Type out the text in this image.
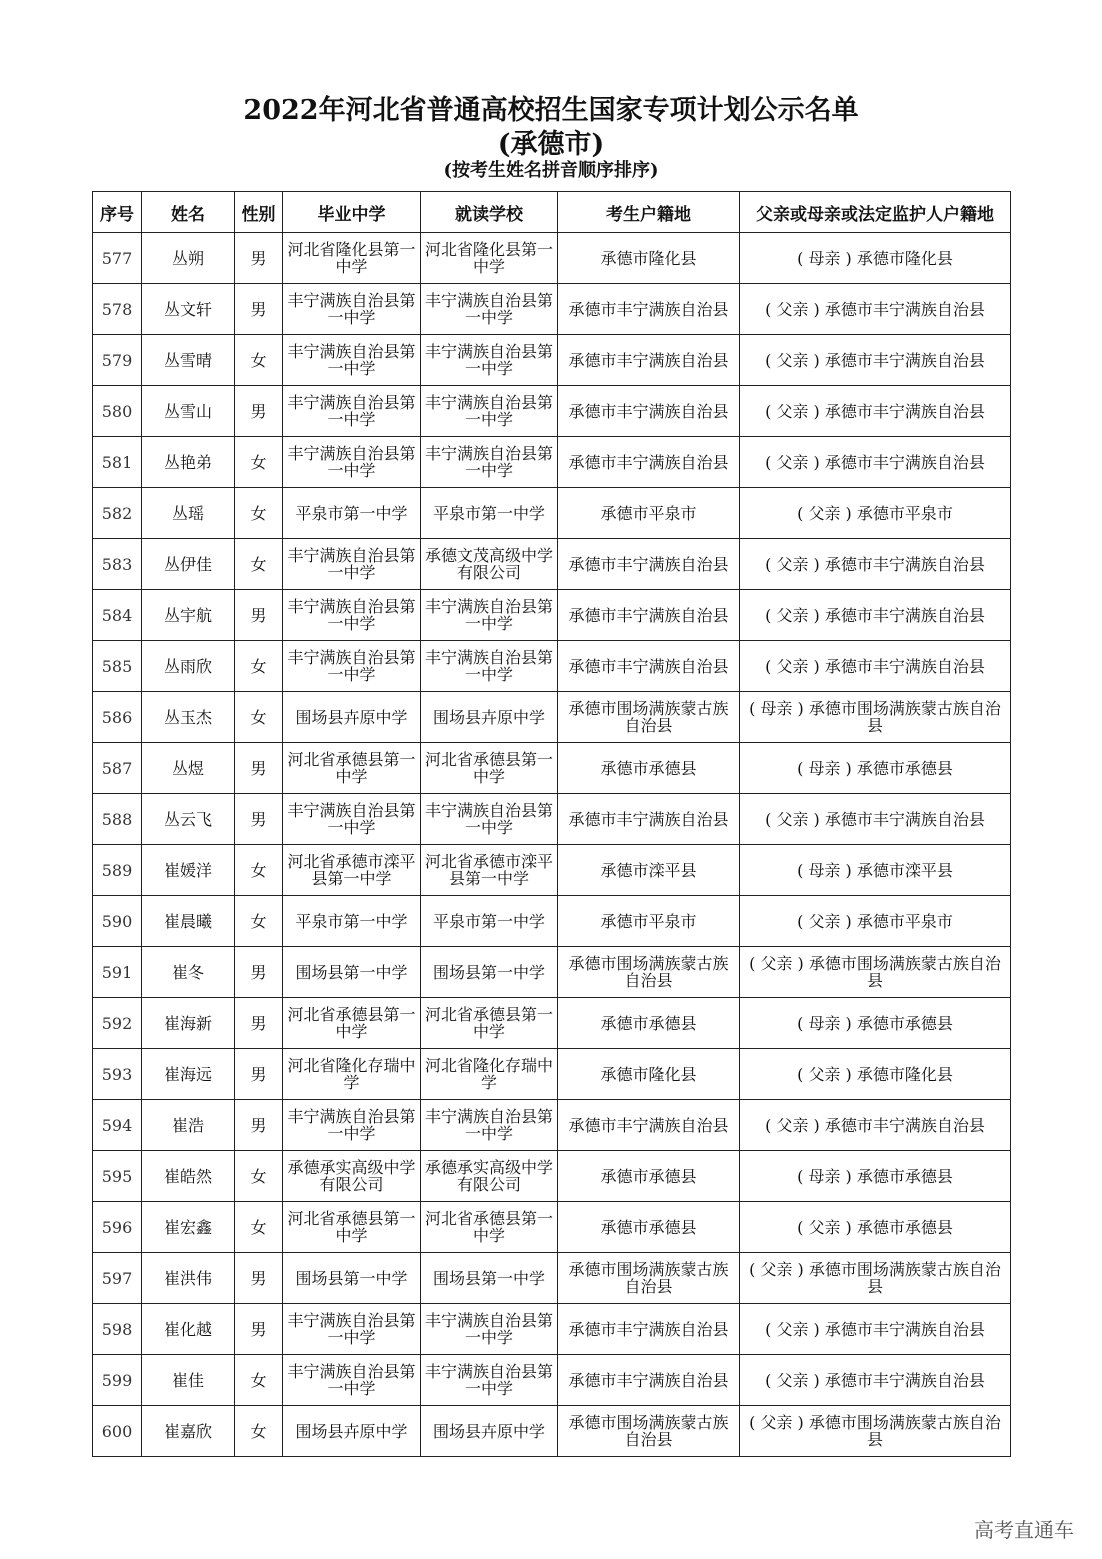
2022年河北省普通高校招生国家专项计划公示名单
(承德市)
(按考生姓名拼音顺序排序)
序号	姓名	性别	毕业中学	就读学校	考生户籍地	父亲或母亲或法定监护人户籍地
577	丛朔	男	河北省隆化县第一中学	河北省隆化县第一中学	承德市隆化县	( 母亲 ) 承德市隆化县
578	丛文轩	男	丰宁满族自治县第一中学	丰宁满族自治县第一中学	承德市丰宁满族自治县	( 父亲 ) 承德市丰宁满族自治县
579	丛雪晴	女	丰宁满族自治县第一中学	丰宁满族自治县第一中学	承德市丰宁满族自治县	( 父亲 ) 承德市丰宁满族自治县
580	丛雪山	男	丰宁满族自治县第一中学	丰宁满族自治县第一中学	承德市丰宁满族自治县	( 父亲 ) 承德市丰宁满族自治县
581	丛艳弟	女	丰宁满族自治县第一中学	丰宁满族自治县第一中学	承德市丰宁满族自治县	( 父亲 ) 承德市丰宁满族自治县
582	丛瑶	女	平泉市第一中学	平泉市第一中学	承德市平泉市	( 父亲 ) 承德市平泉市
583	丛伊佳	女	丰宁满族自治县第一中学	承德文茂高级中学有限公司	承德市丰宁满族自治县	( 父亲 ) 承德市丰宁满族自治县
584	丛宇航	男	丰宁满族自治县第一中学	丰宁满族自治县第一中学	承德市丰宁满族自治县	( 父亲 ) 承德市丰宁满族自治县
585	丛雨欣	女	丰宁满族自治县第一中学	丰宁满族自治县第一中学	承德市丰宁满族自治县	( 父亲 ) 承德市丰宁满族自治县
586	丛玉杰	女	围场县卉原中学	围场县卉原中学	承德市围场满族蒙古族自治县	( 母亲 ) 承德市围场满族蒙古族自治县
587	丛煜	男	河北省承德县第一中学	河北省承德县第一中学	承德市承德县	( 母亲 ) 承德市承德县
588	丛云飞	男	丰宁满族自治县第一中学	丰宁满族自治县第一中学	承德市丰宁满族自治县	( 父亲 ) 承德市丰宁满族自治县
589	崔媛洋	女	河北省承德市滦平县第一中学	河北省承德市滦平县第一中学	承德市滦平县	( 母亲 ) 承德市滦平县
590	崔晨曦	女	平泉市第一中学	平泉市第一中学	承德市平泉市	( 父亲 ) 承德市平泉市
591	崔冬	男	围场县第一中学	围场县第一中学	承德市围场满族蒙古族自治县	( 父亲 ) 承德市围场满族蒙古族自治县
592	崔海新	男	河北省承德县第一中学	河北省承德县第一中学	承德市承德县	( 母亲 ) 承德市承德县
593	崔海远	男	河北省隆化存瑞中学	河北省隆化存瑞中学	承德市隆化县	( 父亲 ) 承德市隆化县
594	崔浩	男	丰宁满族自治县第一中学	丰宁满族自治县第一中学	承德市丰宁满族自治县	( 父亲 ) 承德市丰宁满族自治县
595	崔皓然	女	承德承实高级中学有限公司	承德承实高级中学有限公司	承德市承德县	( 母亲 ) 承德市承德县
596	崔宏鑫	女	河北省承德县第一中学	河北省承德县第一中学	承德市承德县	( 父亲 ) 承德市承德县
597	崔洪伟	男	围场县第一中学	围场县第一中学	承德市围场满族蒙古族自治县	( 父亲 ) 承德市围场满族蒙古族自治县
598	崔化越	男	丰宁满族自治县第一中学	丰宁满族自治县第一中学	承德市丰宁满族自治县	( 父亲 ) 承德市丰宁满族自治县
599	崔佳	女	丰宁满族自治县第一中学	丰宁满族自治县第一中学	承德市丰宁满族自治县	( 父亲 ) 承德市丰宁满族自治县
600	崔嘉欣	女	围场县卉原中学	围场县卉原中学	承德市围场满族蒙古族自治县	( 父亲 ) 承德市围场满族蒙古族自治县
高考直通车
